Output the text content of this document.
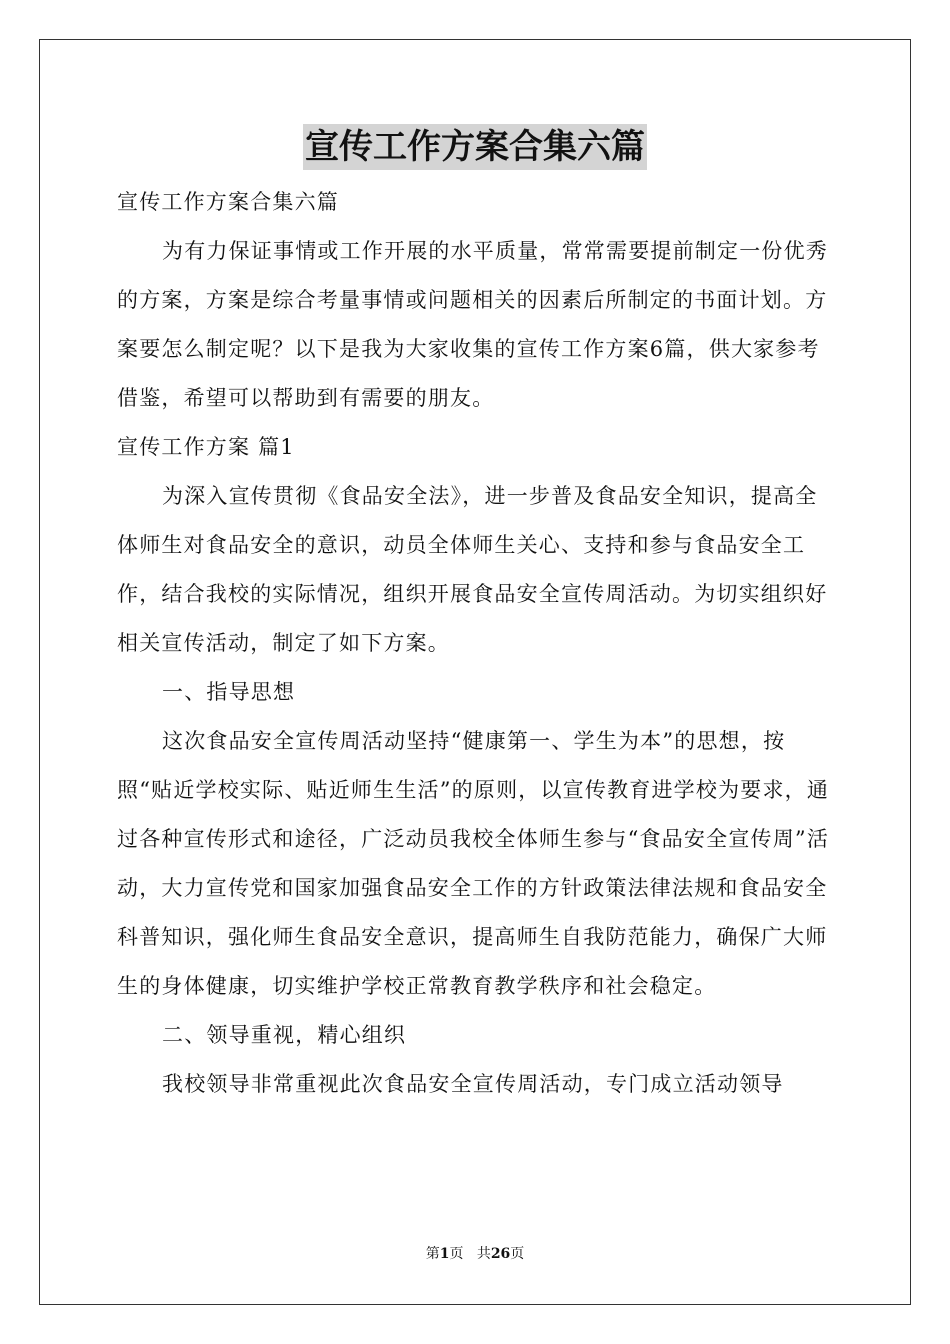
宣传工作方案合集六篇

宣传工作方案合集六篇

为有力保证事情或工作开展的水平质量，常常需要提前制定一份优秀的方案，方案是综合考量事情或问题相关的因素后所制定的书面计划。方案要怎么制定呢？以下是我为大家收集的宣传工作方案6篇，供大家参考借鉴，希望可以帮助到有需要的朋友。

宣传工作方案 篇1

为深入宣传贯彻《食品安全法》，进一步普及食品安全知识，提高全体师生对食品安全的意识，动员全体师生关心、支持和参与食品安全工作，结合我校的实际情况，组织开展食品安全宣传周活动。为切实组织好相关宣传活动，制定了如下方案。

一、指导思想

这次食品安全宣传周活动坚持“健康第一、学生为本”的思想，按照“贴近学校实际、贴近师生生活”的原则，以宣传教育进学校为要求，通过各种宣传形式和途径，广泛动员我校全体师生参与“食品安全宣传周”活动，大力宣传党和国家加强食品安全工作的方针政策法律法规和食品安全科普知识，强化师生食品安全意识，提高师生自我防范能力，确保广大师生的身体健康，切实维护学校正常教育教学秩序和社会稳定。

二、领导重视，精心组织

我校领导非常重视此次食品安全宣传周活动，专门成立活动领导

第1页 共26页
